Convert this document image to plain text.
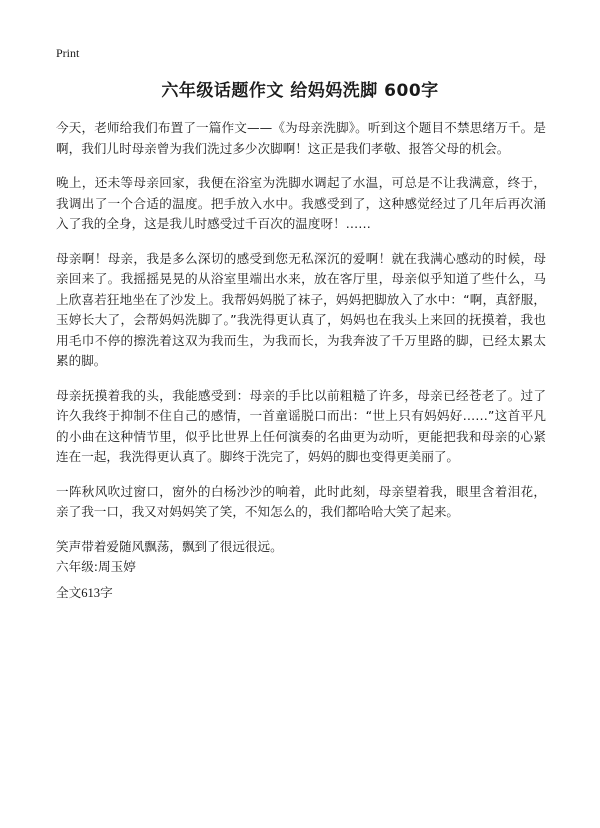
Print
六年级话题作文 给妈妈洗脚 600字

今天，老师给我们布置了一篇作文——《为母亲洗脚》。听到这个题目不禁思绪万千。是啊，我们儿时母亲曾为我们洗过多少次脚啊！这正是我们孝敬、报答父母的机会。

晚上，还未等母亲回家，我便在浴室为洗脚水调起了水温，可总是不让我满意，终于，我调出了一个合适的温度。把手放入水中。我感受到了，这种感觉经过了几年后再次涌入了我的全身，这是我儿时感受过千百次的温度呀！……

母亲啊！母亲，我是多么深切的感受到您无私深沉的爱啊！就在我满心感动的时候，母亲回来了。我摇摇晃晃的从浴室里端出水来，放在客厅里，母亲似乎知道了些什么，马上欣喜若狂地坐在了沙发上。我帮妈妈脱了袜子，妈妈把脚放入了水中：“啊，真舒服，玉婷长大了，会帮妈妈洗脚了。”我洗得更认真了，妈妈也在我头上来回的抚摸着，我也用毛巾不停的擦洗着这双为我而生，为我而长，为我奔波了千万里路的脚，已经太累太累的脚。

母亲抚摸着我的头，我能感受到：母亲的手比以前粗糙了许多，母亲已经苍老了。过了许久我终于抑制不住自己的感情，一首童谣脱口而出：“世上只有妈妈好……”这首平凡的小曲在这种情节里，似乎比世界上任何演奏的名曲更为动听，更能把我和母亲的心紧连在一起，我洗得更认真了。脚终于洗完了，妈妈的脚也变得更美丽了。

一阵秋风吹过窗口，窗外的白杨沙沙的响着，此时此刻，母亲望着我，眼里含着泪花，亲了我一口，我又对妈妈笑了笑，不知怎么的，我们都哈哈大笑了起来。

笑声带着爱随风飘荡，飘到了很远很远。

六年级:周玉婷
全文613字
